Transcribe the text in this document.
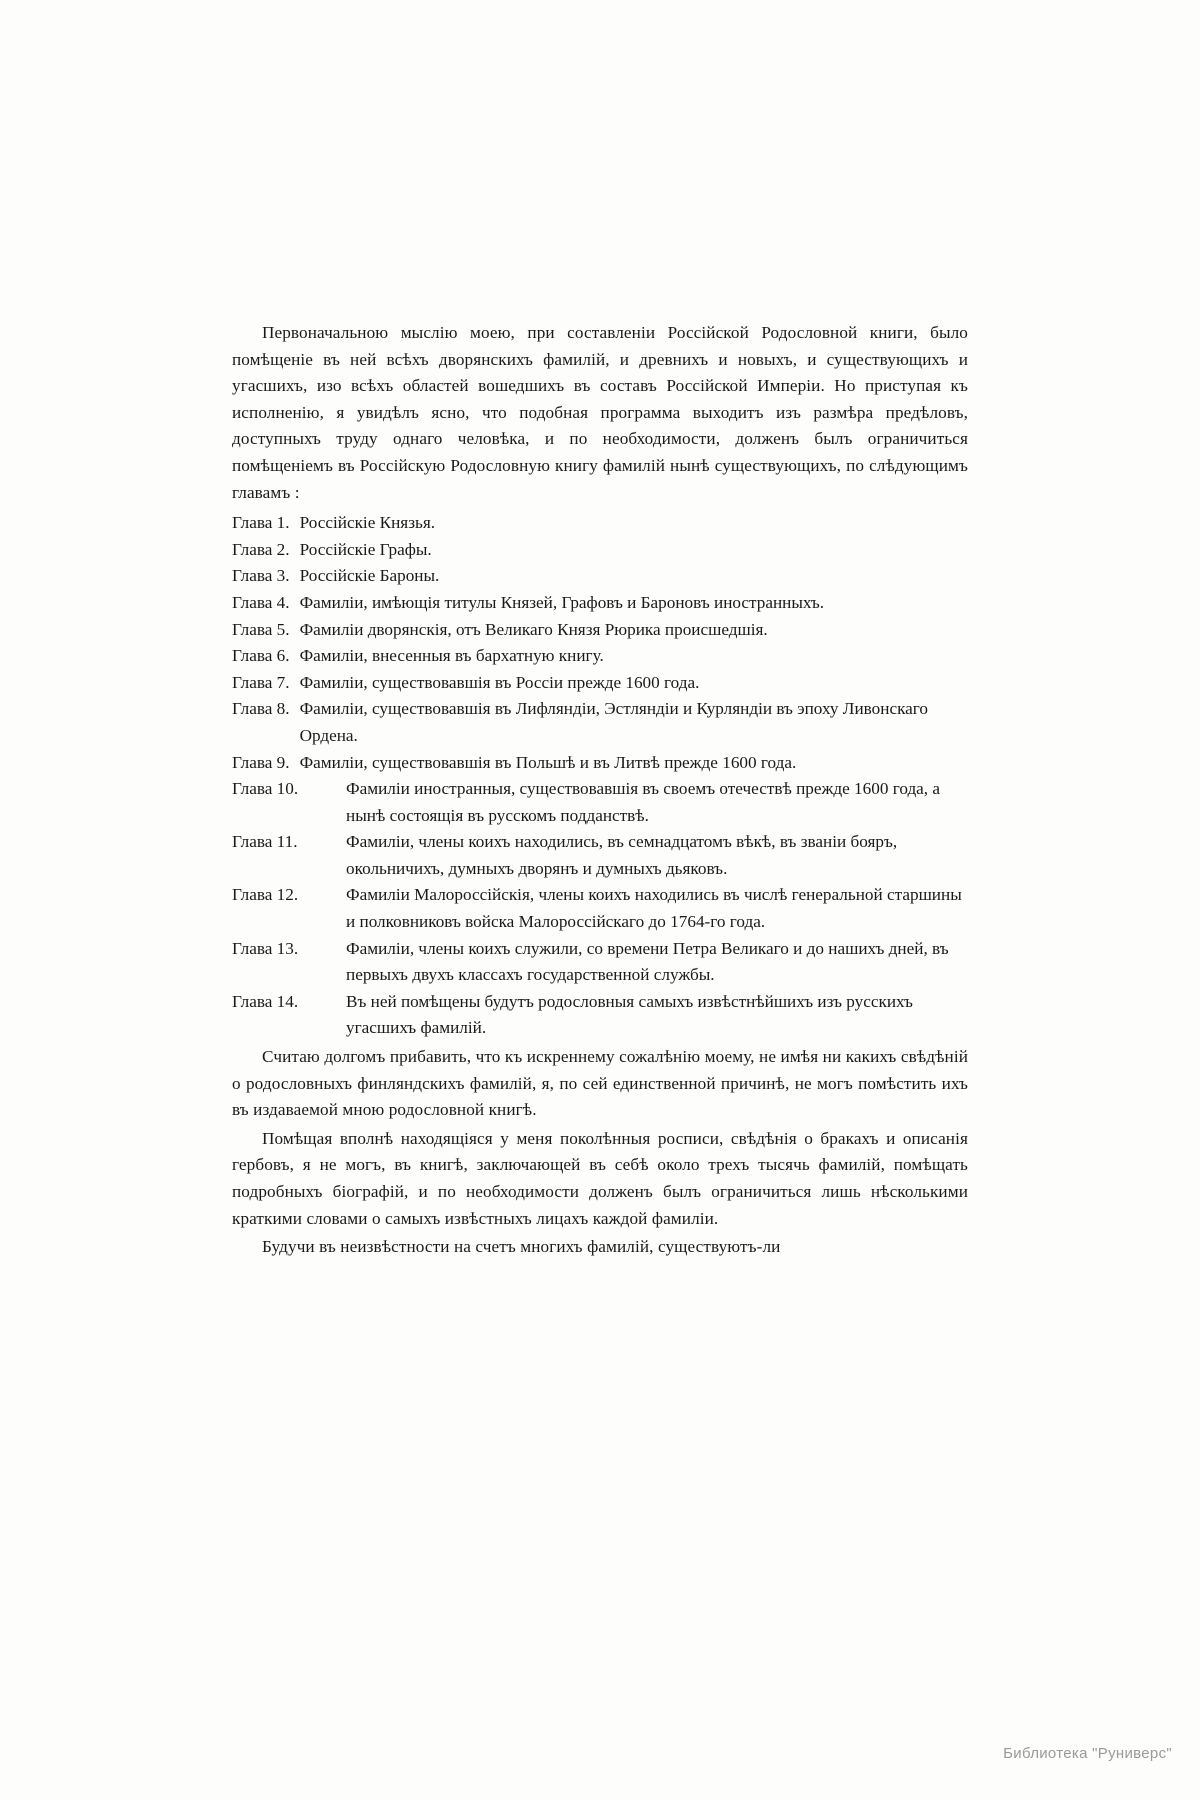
Первоначальною мыслію моею, при составленіи Россійской Родословной книги, было помѣщеніе въ ней всѣхъ дворянскихъ фамилій, и древнихъ и новыхъ, и существующихъ и угасшихъ, изо всѣхъ областей вошедшихъ въ составъ Россійской Имперіи. Но приступая къ исполненію, я увидѣлъ ясно, что подобная программа выходитъ изъ размѣра предѣловъ, доступныхъ труду однаго человѣка, и по необходимости, долженъ былъ ограничиться помѣщеніемъ въ Россійскую Родословную книгу фамилій нынѣ существующихъ, по слѣдующимъ главамъ :

Глава 1. Россійскіе Князья.
Глава 2. Россійскіе Графы.
Глава 3. Россійскіе Бароны.
Глава 4. Фамиліи, имѣющія титулы Князей, Графовъ и Бароновъ иностранныхъ.
Глава 5. Фамиліи дворянскія, отъ Великаго Князя Рюрика происшедшія.
Глава 6. Фамиліи, внесенныя въ бархатную книгу.
Глава 7. Фамиліи, существовавшія въ Россіи прежде 1600 года.
Глава 8. Фамиліи, существовавшія въ Лифляндіи, Эстляндіи и Курляндіи въ эпоху Ливонскаго Ордена.
Глава 9. Фамиліи, существовавшія въ Польшѣ и въ Литвѣ прежде 1600 года.
Глава 10.	Фамиліи иностранныя, существовавшія въ своемъ отечествѣ прежде 1600 года, а нынѣ состоящія въ русскомъ подданствѣ.
Глава 11.	Фамиліи, члены коихъ находились, въ семнадцатомъ вѣкѣ, въ званіи бояръ, окольничихъ, думныхъ дворянъ и думныхъ дьяковъ.
Глава 12.	Фамиліи Малороссійскія, члены коихъ находились въ числѣ генеральной старшины и полковниковъ войска Малороссійскаго до 1764-го года.
Глава 13.	Фамиліи, члены коихъ служили, со времени Петра Великаго и до нашихъ дней, въ первыхъ двухъ классахъ государственной службы.
Глава 14.	Въ ней помѣщены будутъ родословныя самыхъ извѣстнѣйшихъ изъ русскихъ угасшихъ фамилій.

Считаю долгомъ прибавить, что къ искреннему сожалѣнію моему, не имѣя ни какихъ свѣдѣній о родословныхъ финляндскихъ фамилій, я, по сей единственной причинѣ, не могъ помѣстить ихъ въ издаваемой мною родословной книгѣ.

Помѣщая вполнѣ находящіяся у меня поколѣнныя росписи, свѣдѣнія о бракахъ и описанія гербовъ, я не могъ, въ книгѣ, заключающей въ себѣ около трехъ тысячь фамилій, помѣщать подробныхъ біографій, и по необходимости долженъ былъ ограничиться лишь нѣсколькими краткими словами о самыхъ извѣстныхъ лицахъ каждой фамиліи.

Будучи въ неизвѣстности на счетъ многихъ фамилій, существуютъ-ли

Библиотека "Руниверс"
